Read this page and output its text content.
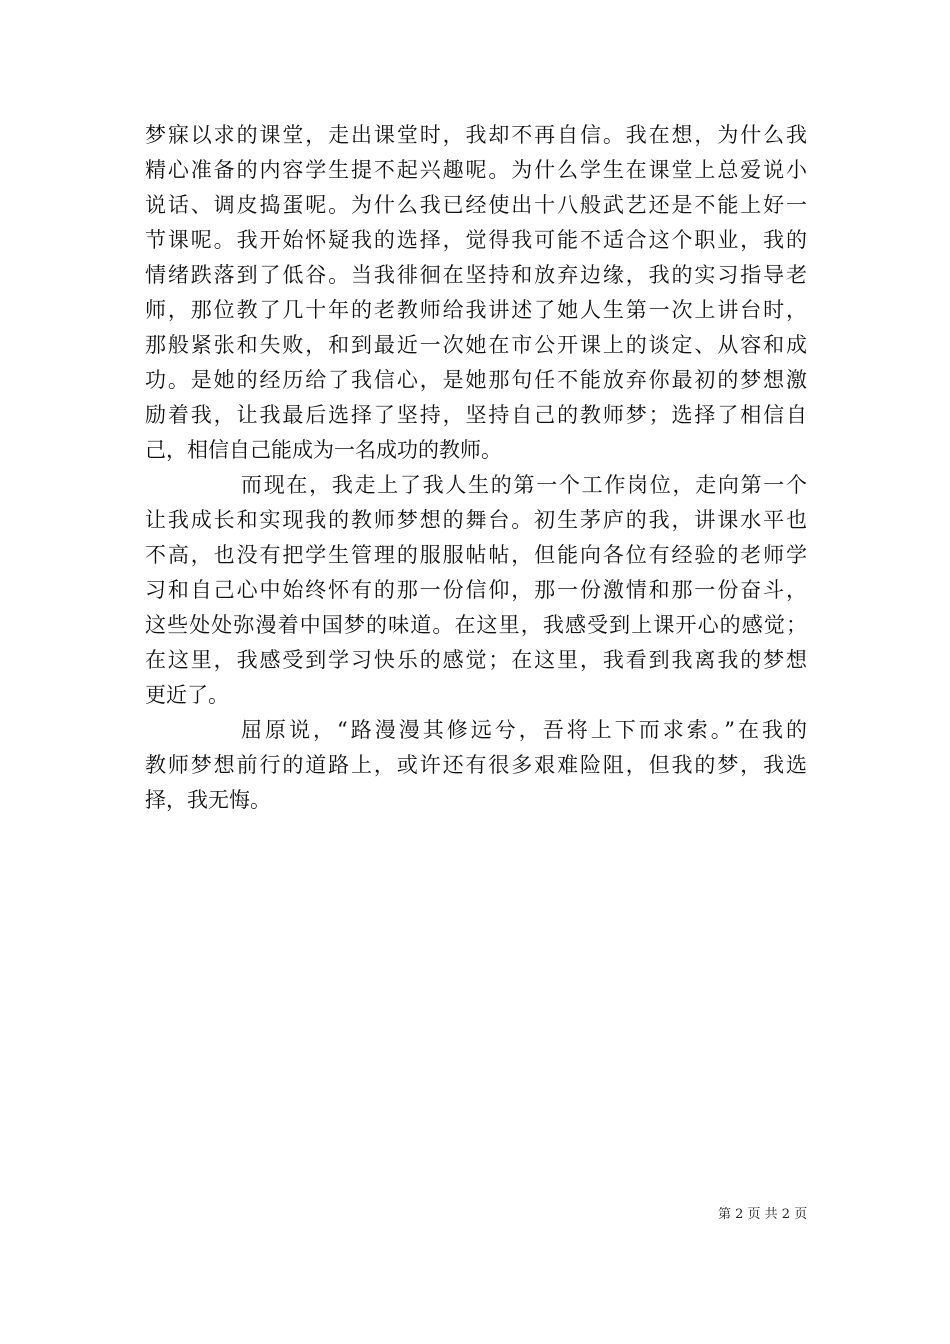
梦寐以求的课堂，走出课堂时，我却不再自信。我在想，为什么我
精心准备的内容学生提不起兴趣呢。为什么学生在课堂上总爱说小
说话、调皮捣蛋呢。为什么我已经使出十八般武艺还是不能上好一
节课呢。我开始怀疑我的选择，觉得我可能不适合这个职业，我的
情绪跌落到了低谷。当我徘徊在坚持和放弃边缘，我的实习指导老
师，那位教了几十年的老教师给我讲述了她人生第一次上讲台时，
那般紧张和失败，和到最近一次她在市公开课上的谈定、从容和成
功。是她的经历给了我信心，是她那句任不能放弃你最初的梦想激
励着我，让我最后选择了坚持，坚持自己的教师梦；选择了相信自
己，相信自己能成为一名成功的教师。
而现在，我走上了我人生的第一个工作岗位，走向第一个
让我成长和实现我的教师梦想的舞台。初生茅庐的我，讲课水平也
不高，也没有把学生管理的服服帖帖，但能向各位有经验的老师学
习和自己心中始终怀有的那一份信仰，那一份激情和那一份奋斗，
这些处处弥漫着中国梦的味道。在这里，我感受到上课开心的感觉；
在这里，我感受到学习快乐的感觉；在这里，我看到我离我的梦想
更近了。
屈原说，“路漫漫其修远兮，吾将上下而求索。”在我的
教师梦想前行的道路上，或许还有很多艰难险阻，但我的梦，我选
择，我无悔。
第 2 页 共 2 页
